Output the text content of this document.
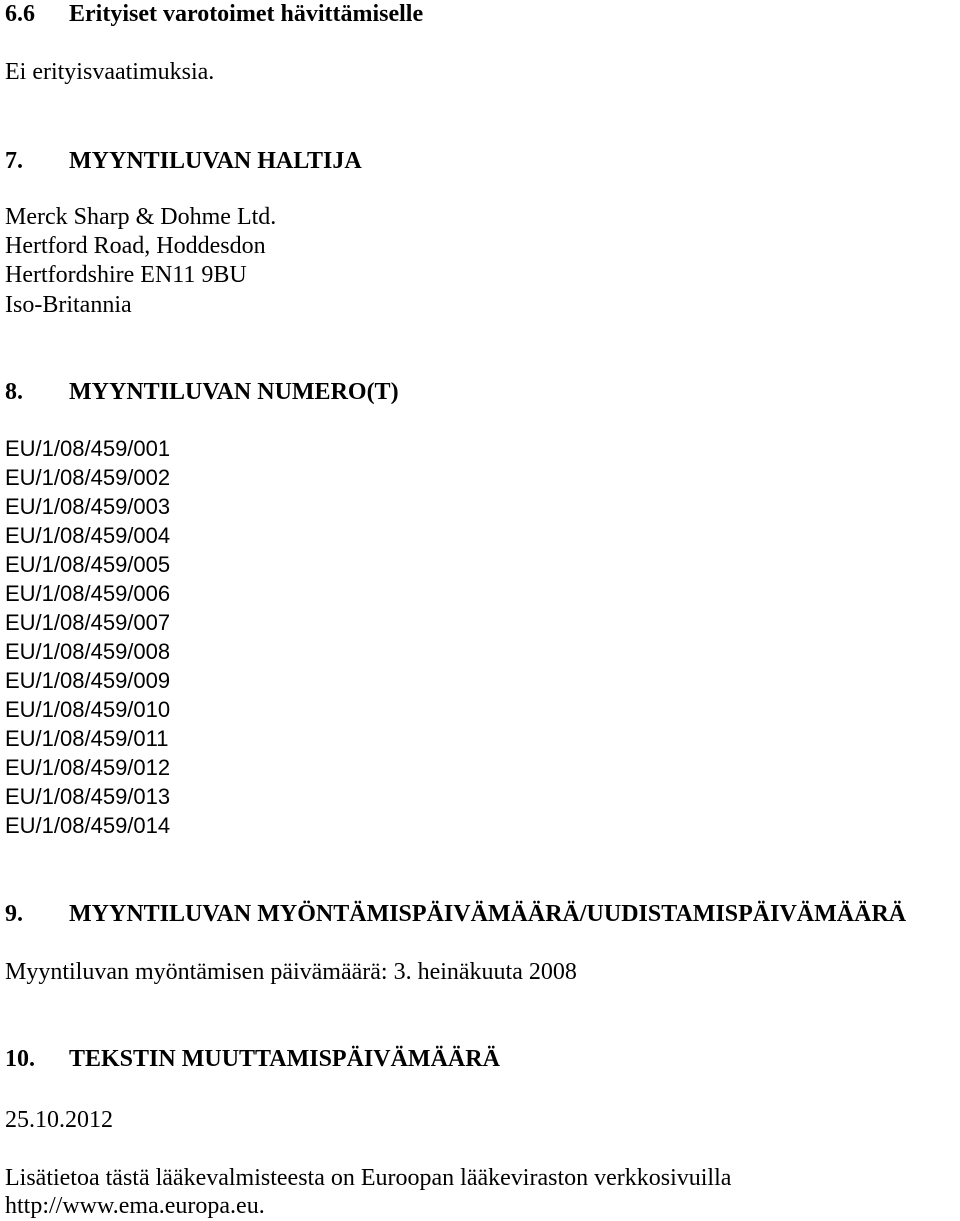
6.6 Erityiset varotoimet hävittämiselle
Ei erityisvaatimuksia.
7. MYYNTILUVAN HALTIJA
Merck Sharp & Dohme Ltd.
Hertford Road, Hoddesdon
Hertfordshire EN11 9BU
Iso-Britannia
8. MYYNTILUVAN NUMERO(T)
EU/1/08/459/001
EU/1/08/459/002
EU/1/08/459/003
EU/1/08/459/004
EU/1/08/459/005
EU/1/08/459/006
EU/1/08/459/007
EU/1/08/459/008
EU/1/08/459/009
EU/1/08/459/010
EU/1/08/459/011
EU/1/08/459/012
EU/1/08/459/013
EU/1/08/459/014
9. MYYNTILUVAN MYÖNTÄMISPÄIVÄMÄÄRÄ/UUDISTAMISPÄIVÄMÄÄRÄ
Myyntiluvan myöntämisen päivämäärä: 3. heinäkuuta 2008
10. TEKSTIN MUUTTAMISPÄIVÄMÄÄRÄ
25.10.2012
Lisätietoa tästä lääkevalmisteesta on Euroopan lääkeviraston verkkosivuilla
http://www.ema.europa.eu.
